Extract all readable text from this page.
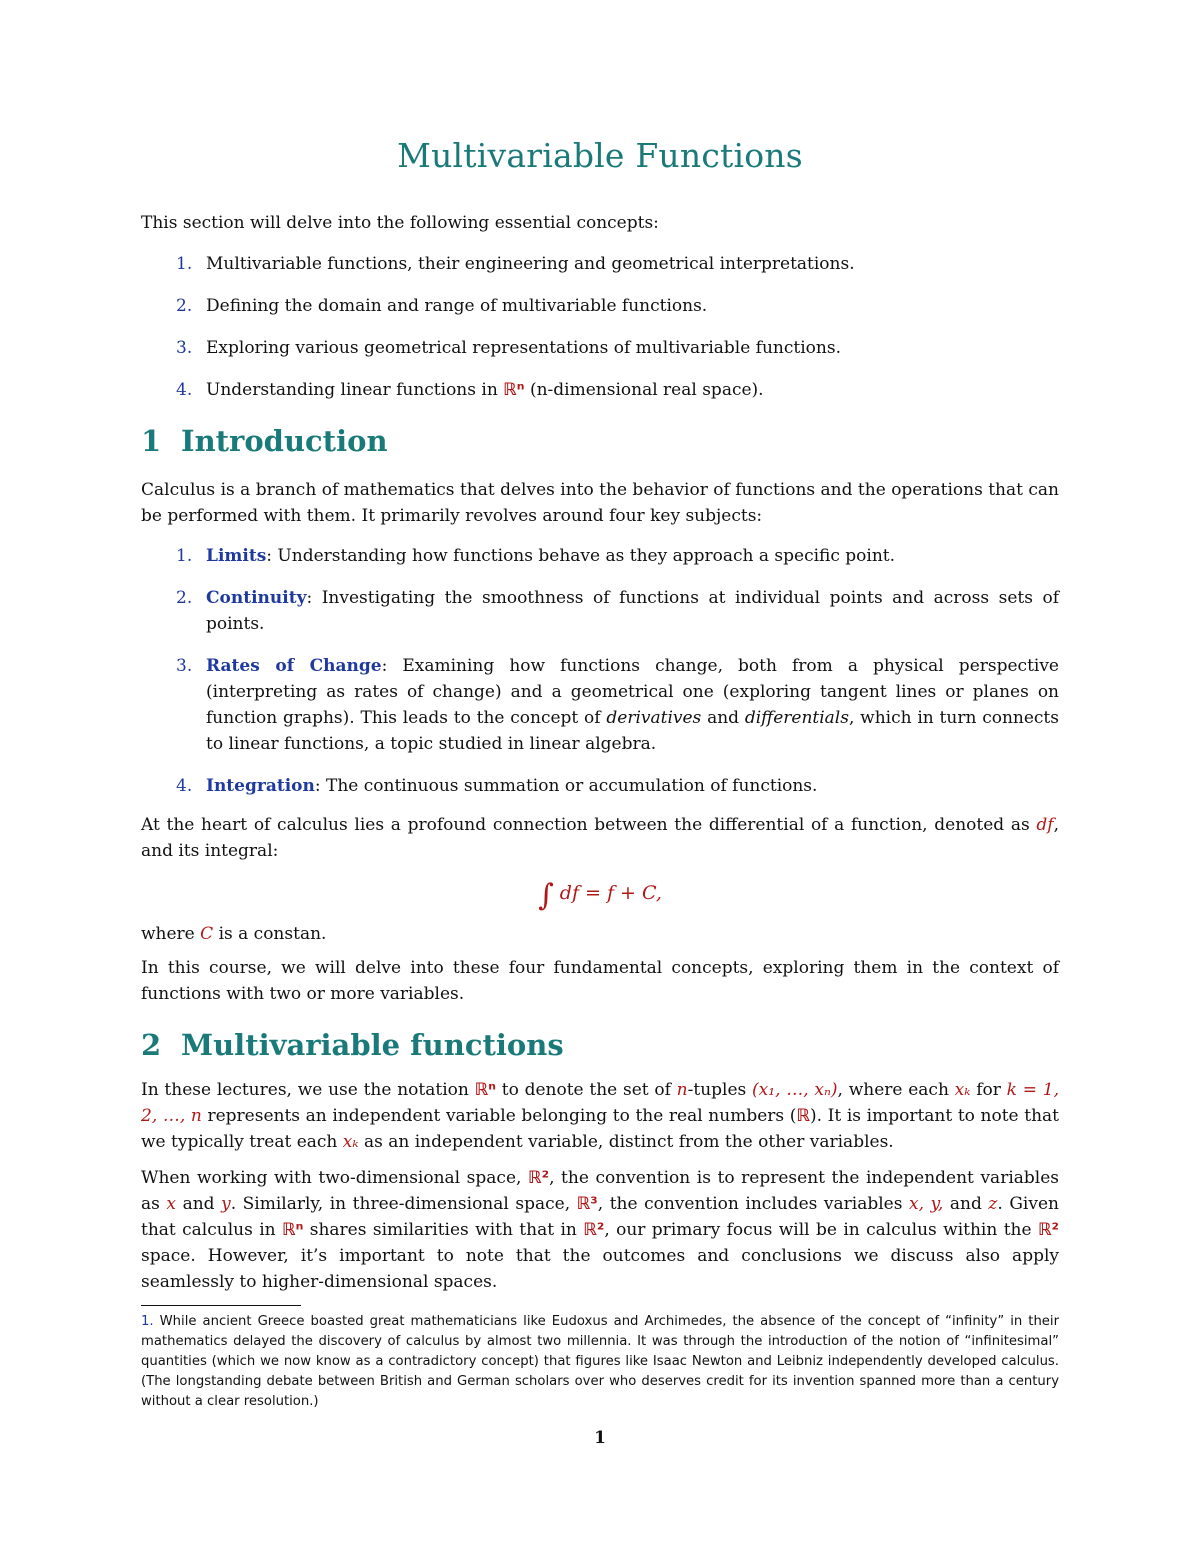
Multivariable Functions

This section will delve into the following essential concepts:

1. Multivariable functions, their engineering and geometrical interpretations.
2. Defining the domain and range of multivariable functions.
3. Exploring various geometrical representations of multivariable functions.
4. Understanding linear functions in ℝⁿ (n-dimensional real space).
1 Introduction

Calculus is a branch of mathematics that delves into the behavior of functions and the operations that can be performed with them. It primarily revolves around four key subjects:

1. Limits: Understanding how functions behave as they approach a specific point.
2. Continuity: Investigating the smoothness of functions at individual points and across sets of points.
3. Rates of Change: Examining how functions change, both from a physical perspective (interpreting as rates of change) and a geometrical one (exploring tangent lines or planes on function graphs). This leads to the concept of derivatives and differentials, which in turn connects to linear functions, a topic studied in linear algebra.
4. Integration: The continuous summation or accumulation of functions.

At the heart of calculus lies a profound connection between the differential of a function, denoted as df, and its integral:

∫ df = f + C,

where C is a constan.

In this course, we will delve into these four fundamental concepts, exploring them in the context of functions with two or more variables.

2 Multivariable functions

In these lectures, we use the notation ℝⁿ to denote the set of n-tuples (x₁, …, xₙ), where each xₖ for k = 1, 2, …, n represents an independent variable belonging to the real numbers (ℝ). It is important to note that we typically treat each xₖ as an independent variable, distinct from the other variables.

When working with two-dimensional space, ℝ², the convention is to represent the independent variables as x and y. Similarly, in three-dimensional space, ℝ³, the convention includes variables x, y, and z. Given that calculus in ℝⁿ shares similarities with that in ℝ², our primary focus will be in calculus within the ℝ² space. However, it’s important to note that the outcomes and conclusions we discuss also apply seamlessly to higher-dimensional spaces.

1. While ancient Greece boasted great mathematicians like Eudoxus and Archimedes, the absence of the concept of “infinity” in their mathematics delayed the discovery of calculus by almost two millennia. It was through the introduction of the notion of “infinitesimal” quantities (which we now know as a contradictory concept) that figures like Isaac Newton and Leibniz independently developed calculus. (The longstanding debate between British and German scholars over who deserves credit for its invention spanned more than a century without a clear resolution.)

1
